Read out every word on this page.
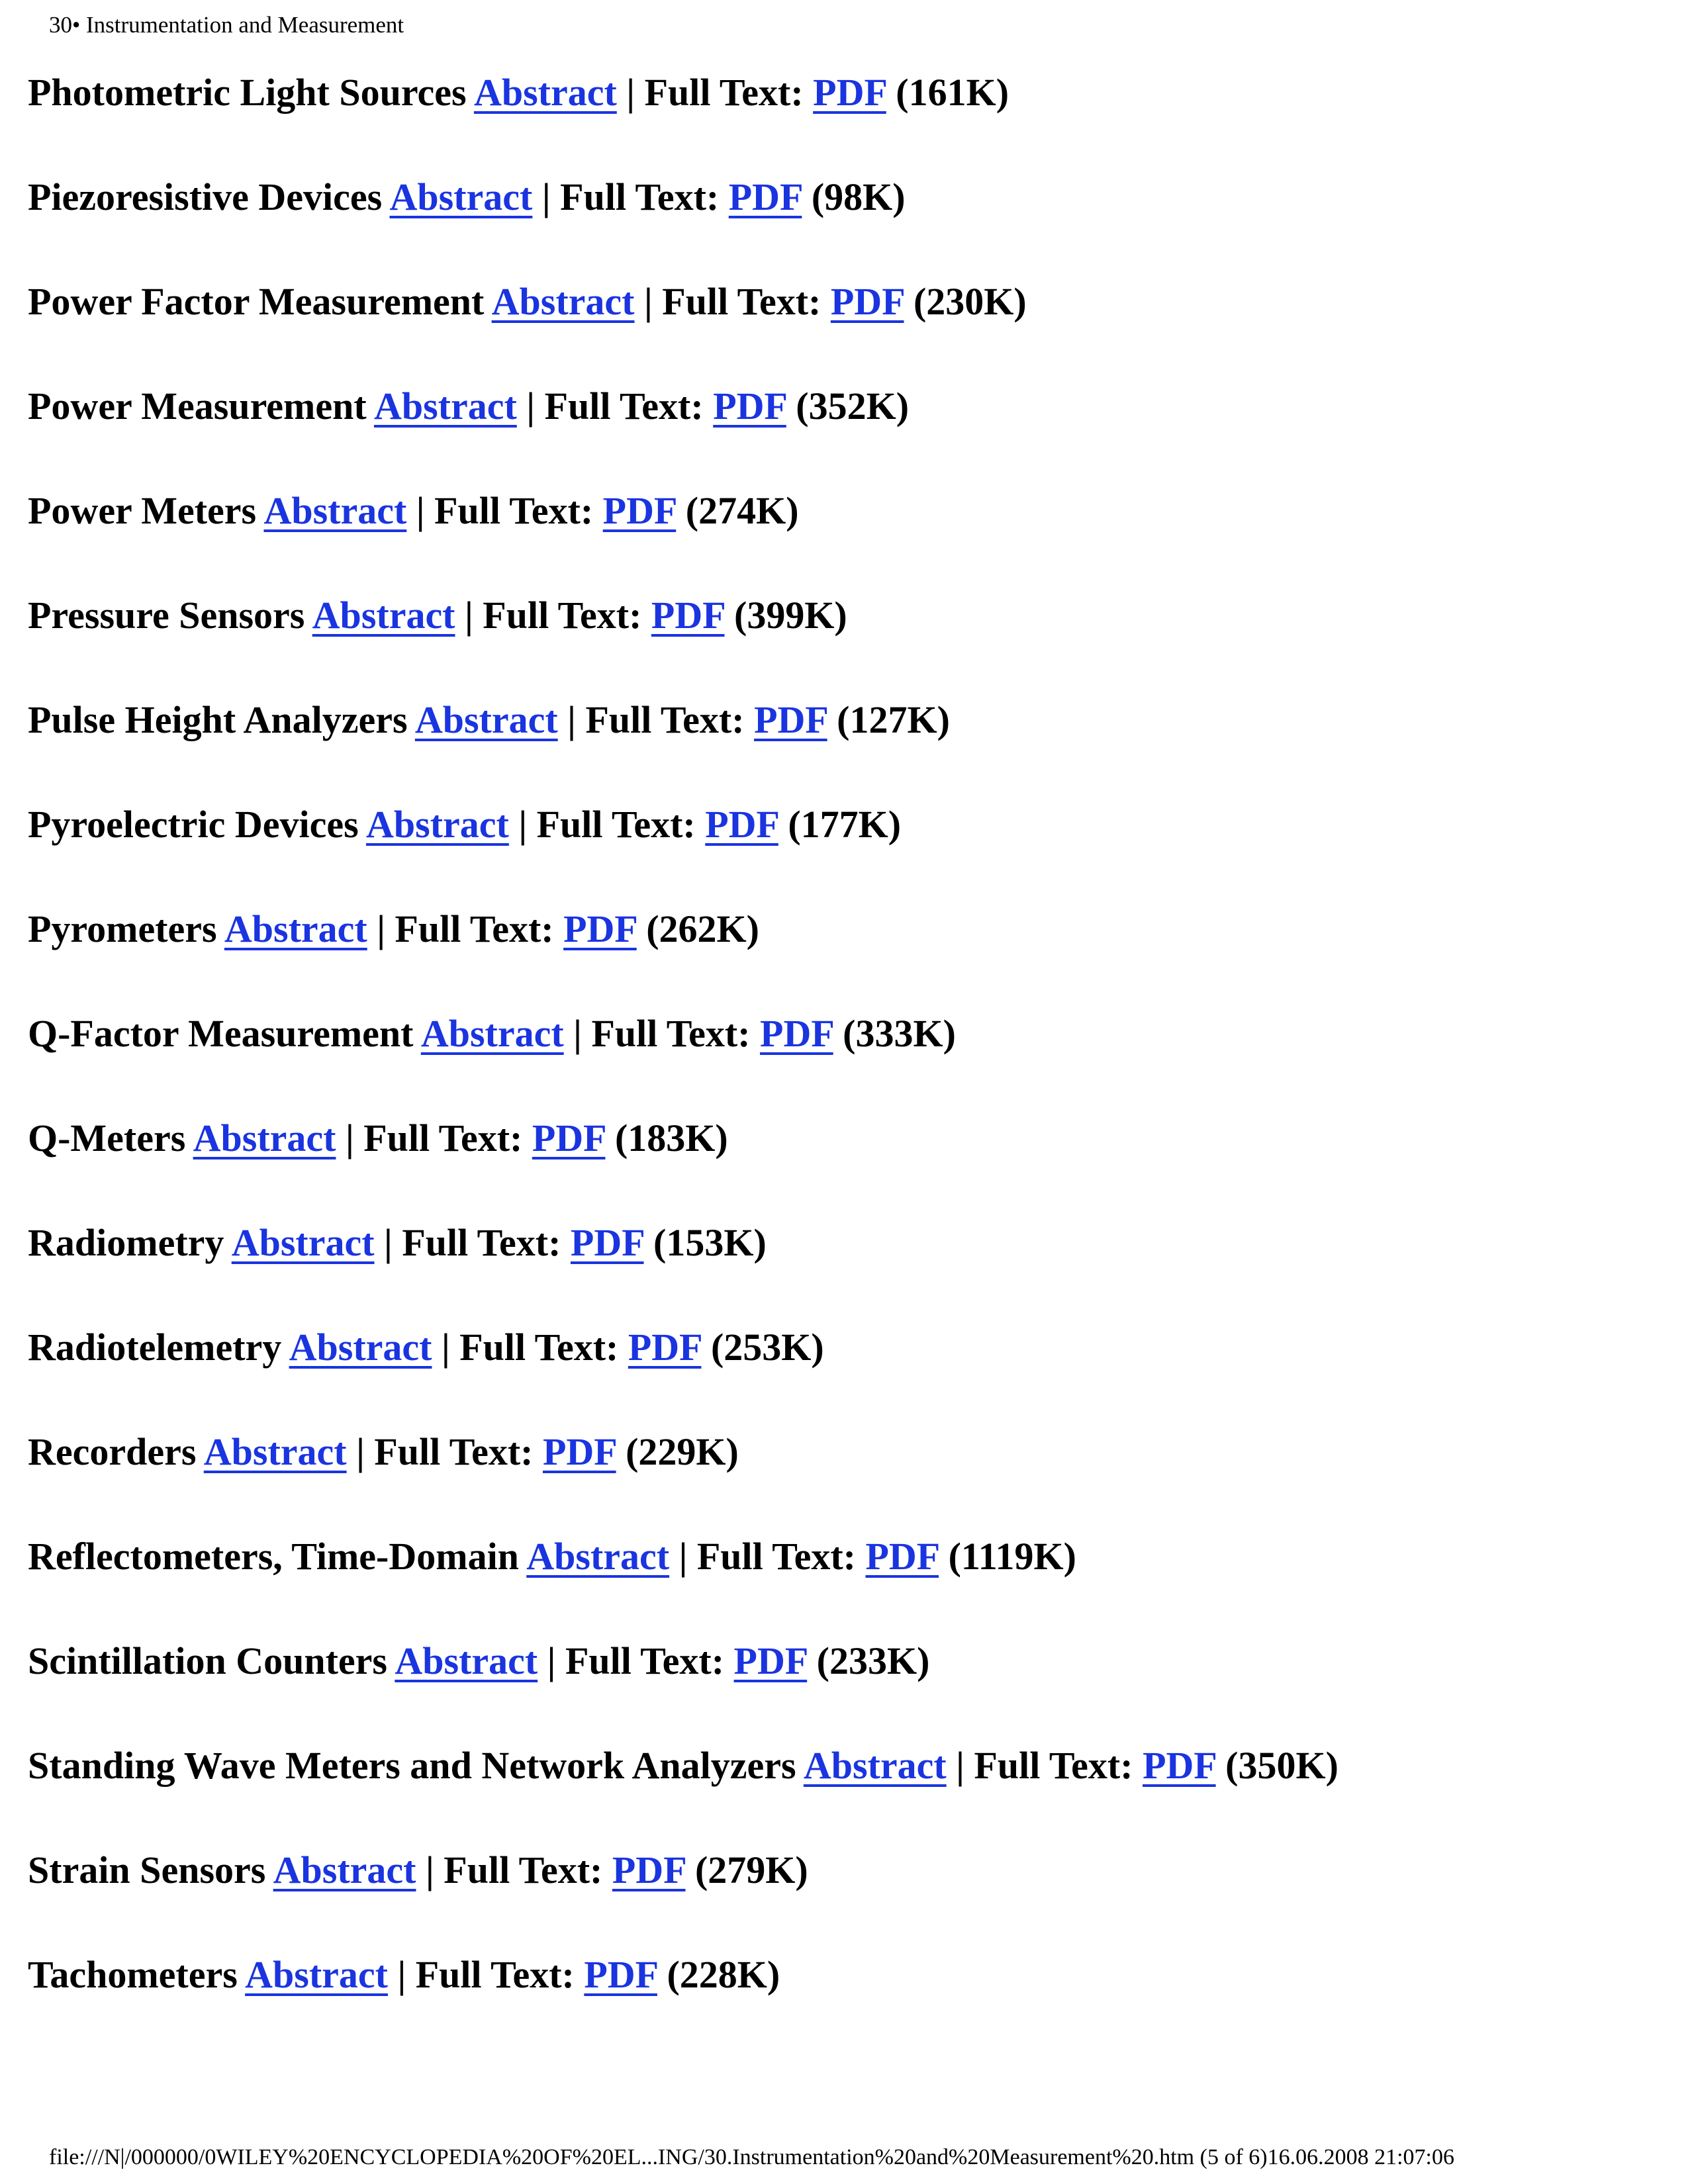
30• Instrumentation and Measurement
Photometric Light Sources Abstract | Full Text: PDF (161K)
Piezoresistive Devices Abstract | Full Text: PDF (98K)
Power Factor Measurement Abstract | Full Text: PDF (230K)
Power Measurement Abstract | Full Text: PDF (352K)
Power Meters Abstract | Full Text: PDF (274K)
Pressure Sensors Abstract | Full Text: PDF (399K)
Pulse Height Analyzers Abstract | Full Text: PDF (127K)
Pyroelectric Devices Abstract | Full Text: PDF (177K)
Pyrometers Abstract | Full Text: PDF (262K)
Q-Factor Measurement Abstract | Full Text: PDF (333K)
Q-Meters Abstract | Full Text: PDF (183K)
Radiometry Abstract | Full Text: PDF (153K)
Radiotelemetry Abstract | Full Text: PDF (253K)
Recorders Abstract | Full Text: PDF (229K)
Reflectometers, Time-Domain Abstract | Full Text: PDF (1119K)
Scintillation Counters Abstract | Full Text: PDF (233K)
Standing Wave Meters and Network Analyzers Abstract | Full Text: PDF (350K)
Strain Sensors Abstract | Full Text: PDF (279K)
Tachometers Abstract | Full Text: PDF (228K)
file:///N|/000000/0WILEY%20ENCYCLOPEDIA%20OF%20EL...ING/30.Instrumentation%20and%20Measurement%20.htm (5 of 6)16.06.2008 21:07:06
